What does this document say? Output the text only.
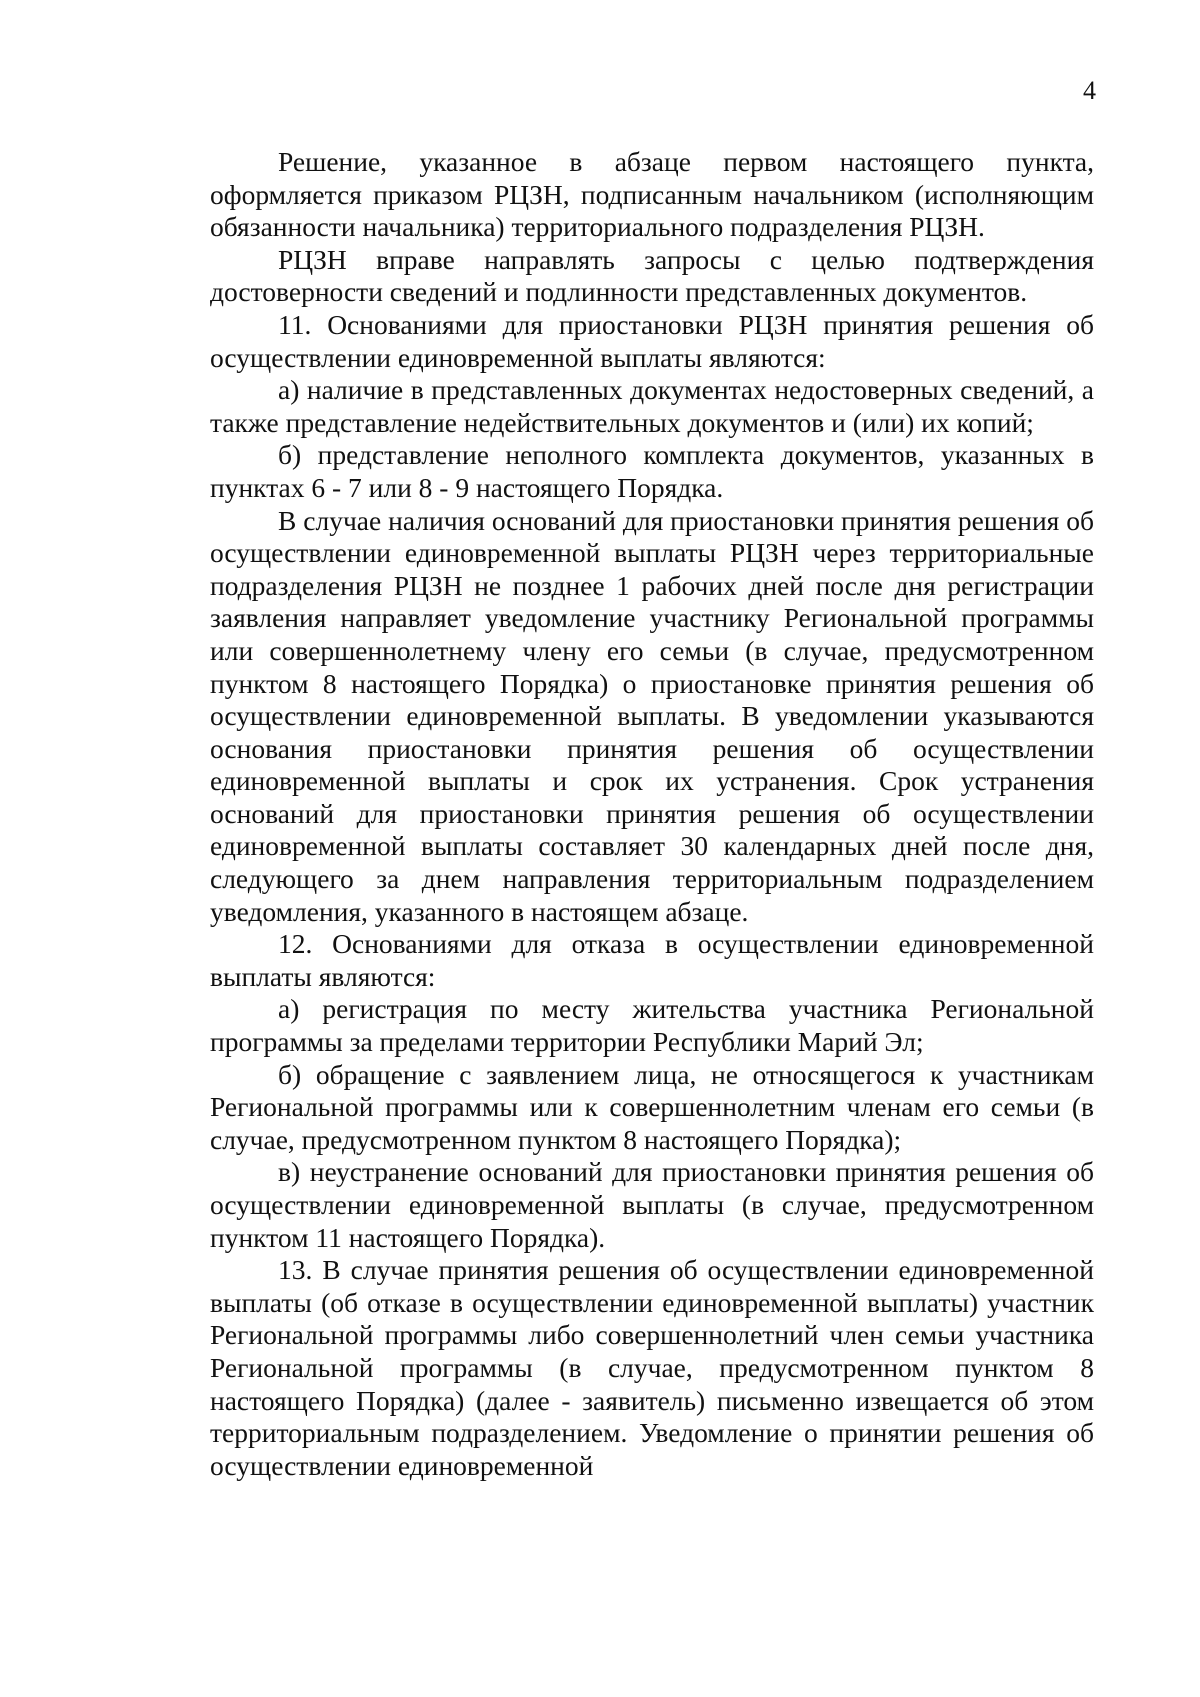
4

Решение, указанное в абзаце первом настоящего пункта, оформляется приказом РЦЗН, подписанным начальником (исполняющим обязанности начальника) территориального подразделения РЦЗН.

РЦЗН вправе направлять запросы с целью подтверждения достоверности сведений и подлинности представленных документов.

11. Основаниями для приостановки РЦЗН принятия решения об осуществлении единовременной выплаты являются:

а) наличие в представленных документах недостоверных сведений, а также представление недействительных документов и (или) их копий;

б) представление неполного комплекта документов, указанных в пунктах 6 - 7 или 8 - 9 настоящего Порядка.

В случае наличия оснований для приостановки принятия решения об осуществлении единовременной выплаты РЦЗН через территориальные подразделения РЦЗН не позднее 1 рабочих дней после дня регистрации заявления направляет уведомление участнику Региональной программы или совершеннолетнему члену его семьи (в случае, предусмотренном пунктом 8 настоящего Порядка) о приостановке принятия решения об осуществлении единовременной выплаты. В уведомлении указываются основания приостановки принятия решения об осуществлении единовременной выплаты и срок их устранения. Срок устранения оснований для приостановки принятия решения об осуществлении единовременной выплаты составляет 30 календарных дней после дня, следующего за днем направления территориальным подразделением уведомления, указанного в настоящем абзаце.

12. Основаниями для отказа в осуществлении единовременной выплаты являются:

а) регистрация по месту жительства участника Региональной программы за пределами территории Республики Марий Эл;

б) обращение с заявлением лица, не относящегося к участникам Региональной программы или к совершеннолетним членам его семьи (в случае, предусмотренном пунктом 8 настоящего Порядка);

в) неустранение оснований для приостановки принятия решения об осуществлении единовременной выплаты (в случае, предусмотренном пунктом 11 настоящего Порядка).

13. В случае принятия решения об осуществлении единовременной выплаты (об отказе в осуществлении единовременной выплаты) участник Региональной программы либо совершеннолетний член семьи участника Региональной программы (в случае, предусмотренном пунктом 8 настоящего Порядка) (далее - заявитель) письменно извещается об этом территориальным подразделением. Уведомление о принятии решения об осуществлении единовременной
